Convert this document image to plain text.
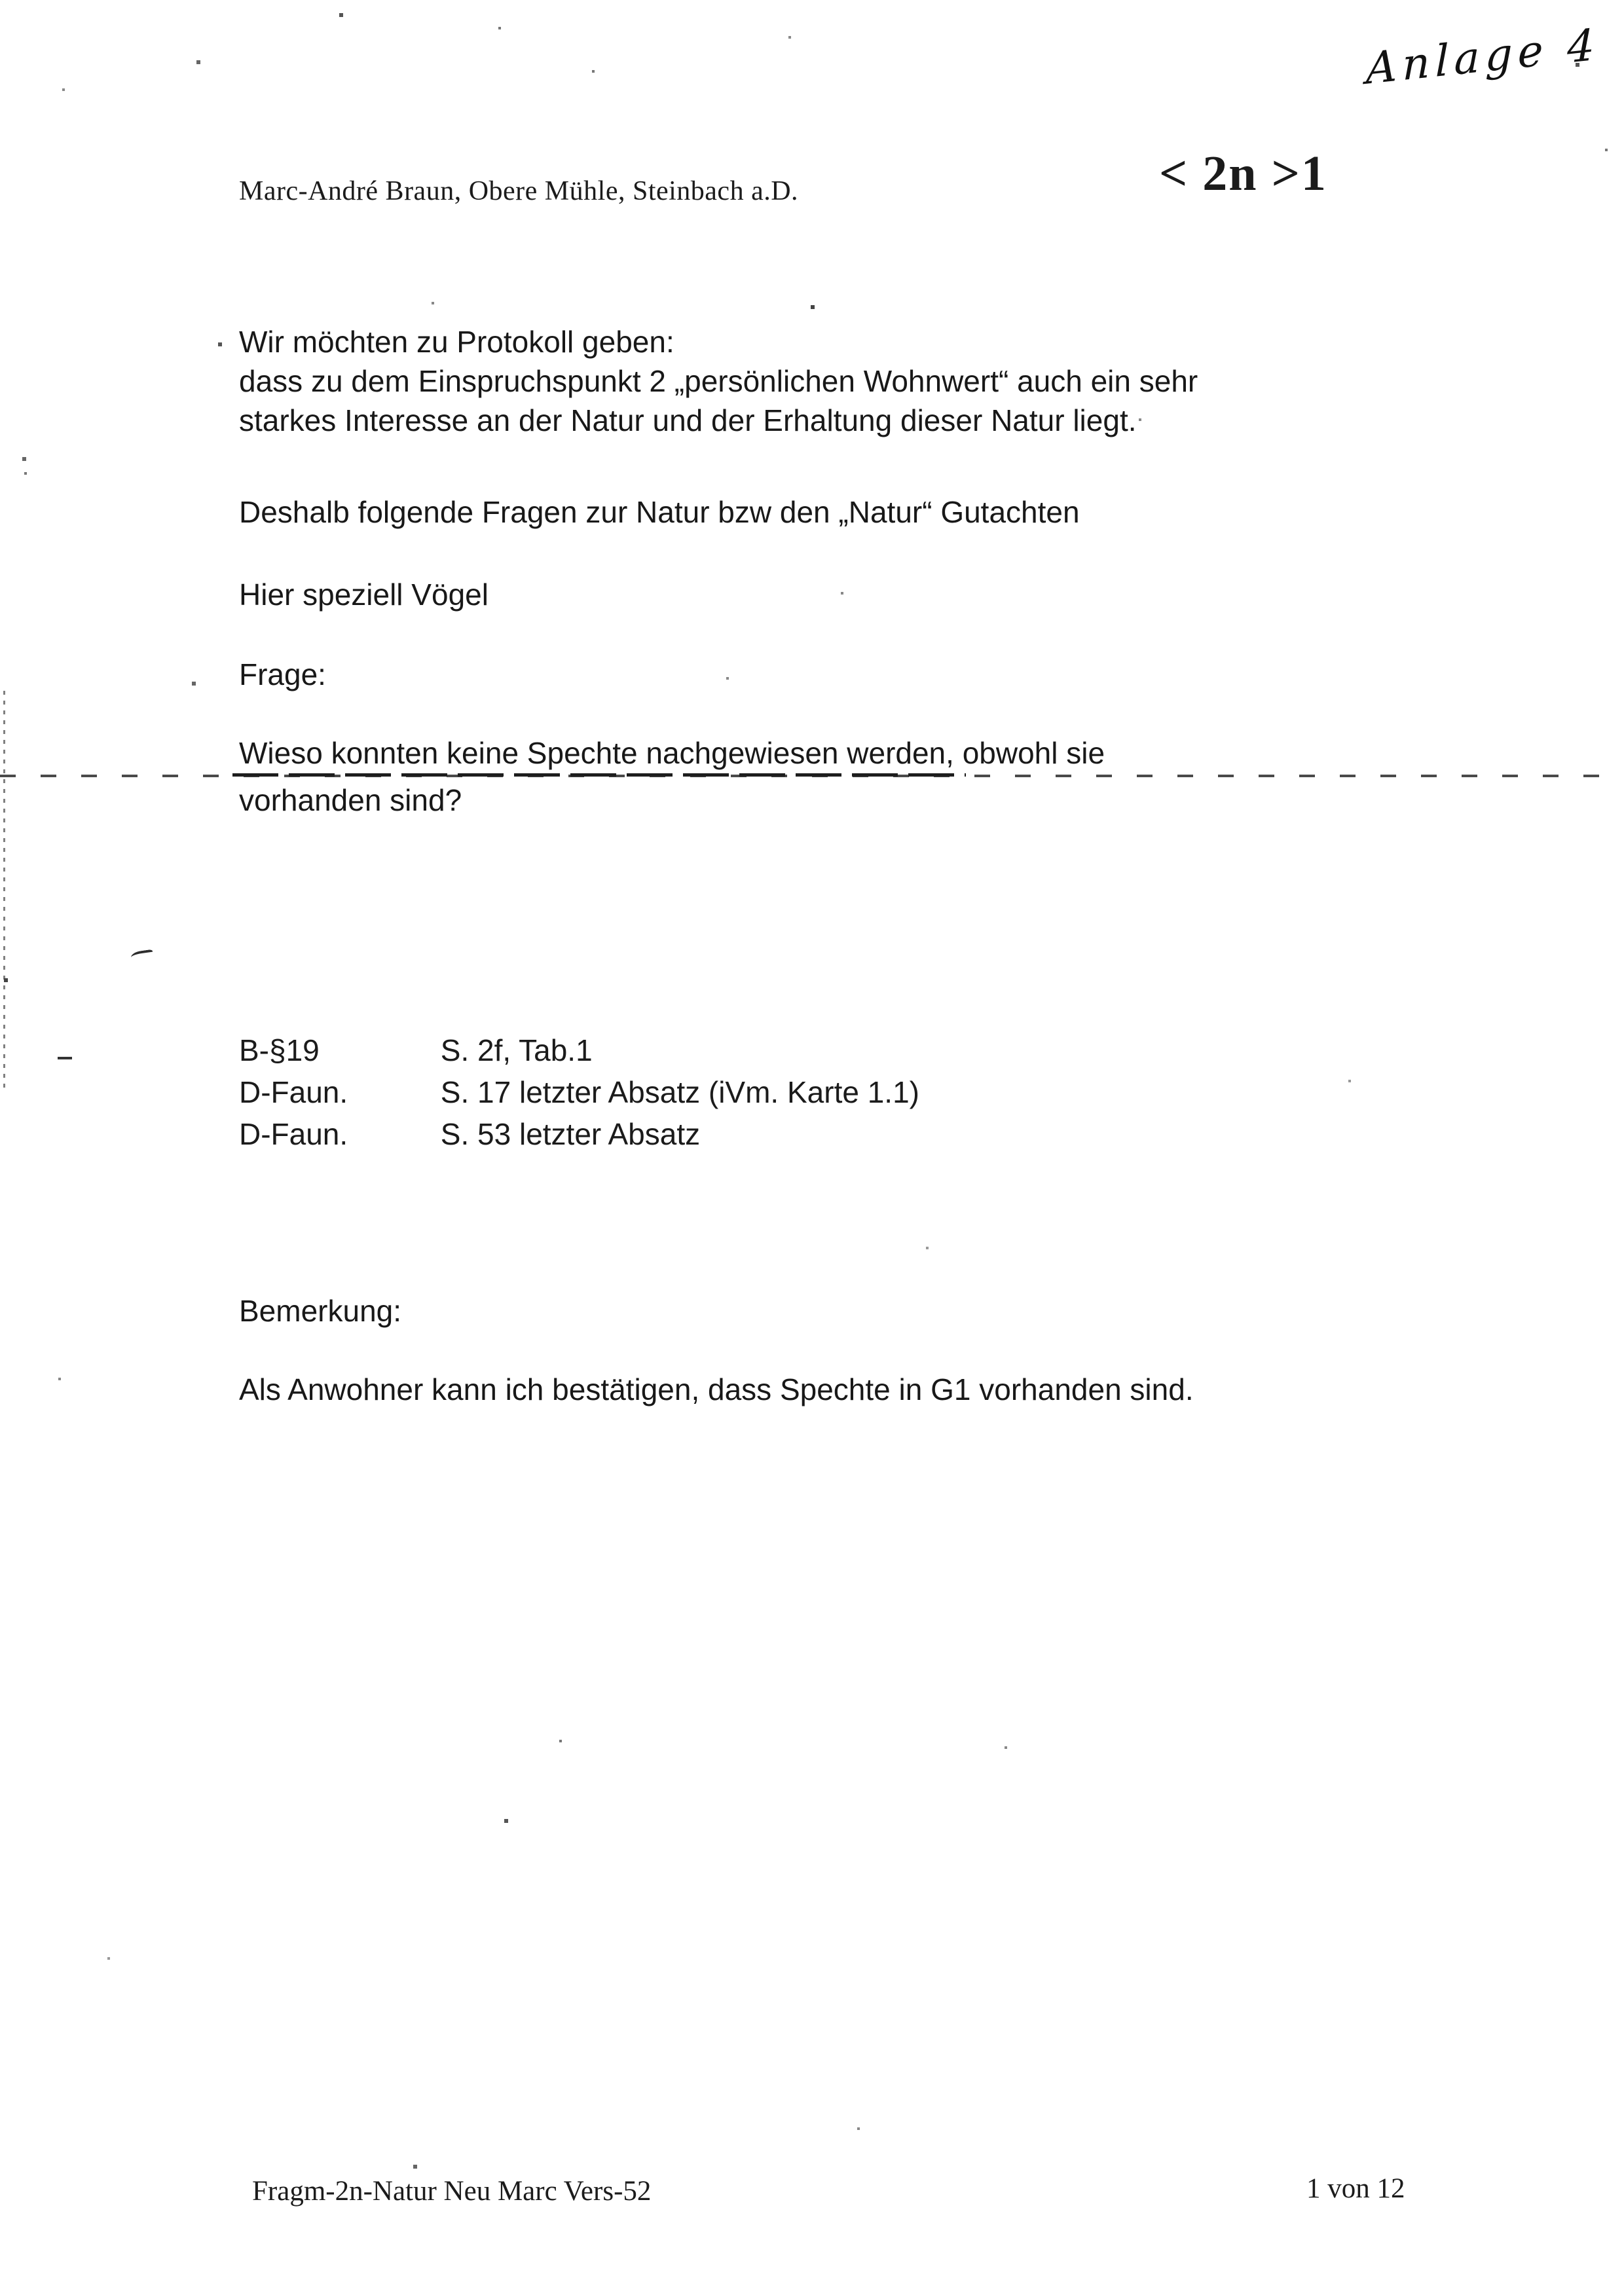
Anlage 4
Marc-André Braun, Obere Mühle, Steinbach a.D.	< 2n >1
Wir möchten zu Protokoll geben:
dass zu dem Einspruchspunkt 2 „persönlichen Wohnwert“ auch ein sehr
starkes Interesse an der Natur und der Erhaltung dieser Natur liegt.
Deshalb folgende Fragen zur Natur bzw den „Natur“ Gutachten
Hier speziell Vögel
Frage:
Wieso konnten keine Spechte nachgewiesen werden, obwohl sie
vorhanden sind?
B-§19	S. 2f, Tab.1
D-Faun.	S. 17 letzter Absatz (iVm. Karte 1.1)
D-Faun.	S. 53 letzter Absatz
Bemerkung:
Als Anwohner kann ich bestätigen, dass Spechte in G1 vorhanden sind.
Fragm-2n-Natur Neu Marc Vers-52	1 von 12
